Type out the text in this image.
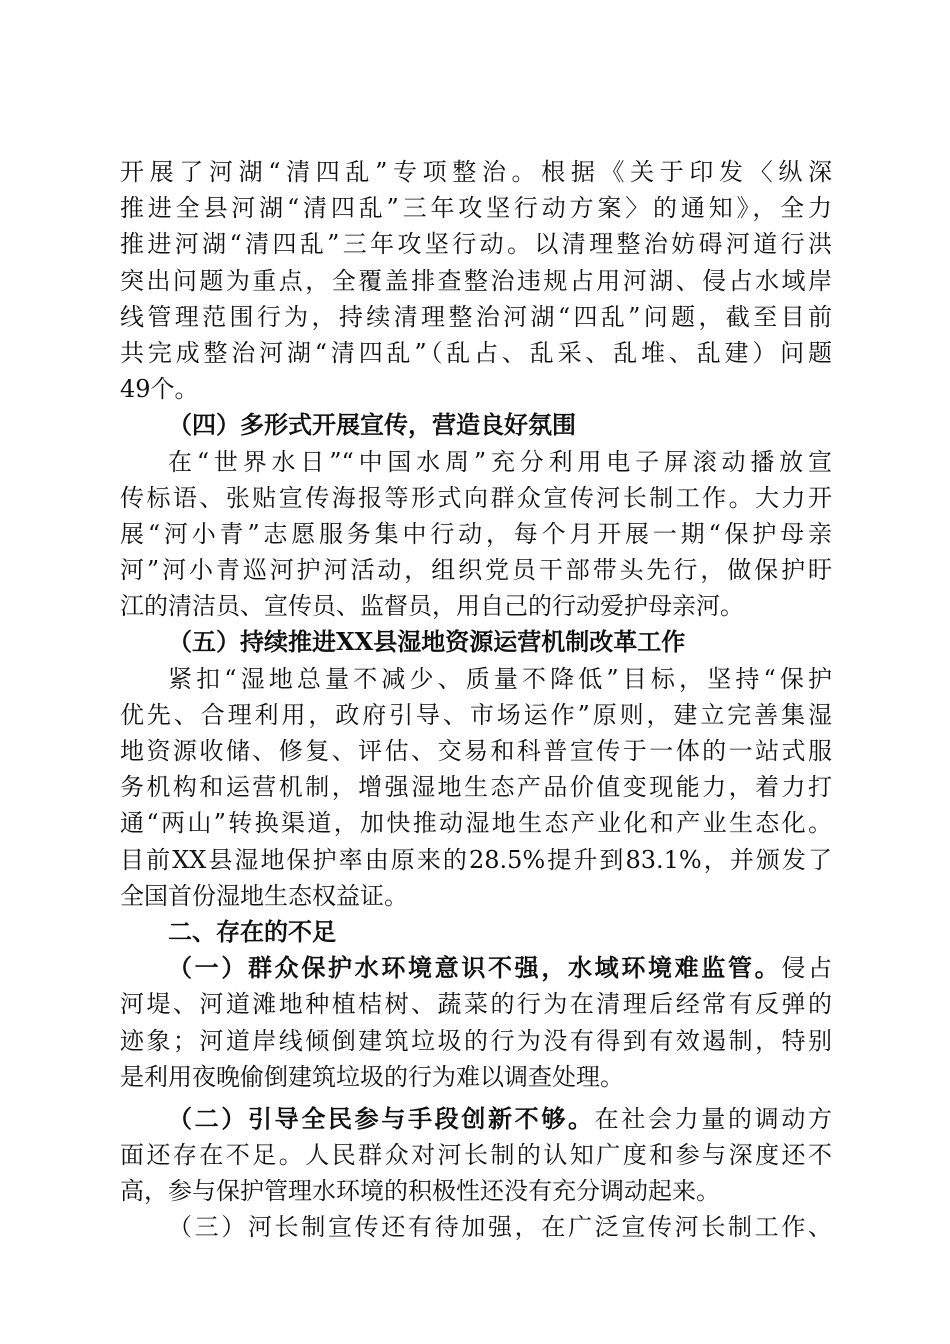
开展了河湖“清四乱”专项整治。根据《关于印发〈纵深
推进全县河湖“清四乱”三年攻坚行动方案〉的通知》，全力
推进河湖“清四乱”三年攻坚行动。以清理整治妨碍河道行洪
突出问题为重点，全覆盖排查整治违规占用河湖、侵占水域岸
线管理范围行为，持续清理整治河湖“四乱”问题，截至目前
共完成整治河湖“清四乱”（乱占、乱采、乱堆、乱建）问题
49个。
（四）多形式开展宣传，营造良好氛围
在“世界水日”“中国水周”充分利用电子屏滚动播放宣
传标语、张贴宣传海报等形式向群众宣传河长制工作。大力开
展“河小青”志愿服务集中行动，每个月开展一期“保护母亲
河”河小青巡河护河活动，组织党员干部带头先行，做保护盱
江的清洁员、宣传员、监督员，用自己的行动爱护母亲河。
（五）持续推进XX县湿地资源运营机制改革工作
紧扣“湿地总量不减少、质量不降低”目标，坚持“保护
优先、合理利用，政府引导、市场运作”原则，建立完善集湿
地资源收储、修复、评估、交易和科普宣传于一体的一站式服
务机构和运营机制，增强湿地生态产品价值变现能力，着力打
通“两山”转换渠道，加快推动湿地生态产业化和产业生态化。
目前XX县湿地保护率由原来的28.5%提升到83.1%，并颁发了
全国首份湿地生态权益证。
二、存在的不足
（一）群众保护水环境意识不强，水域环境难监管。侵占
河堤、河道滩地种植桔树、蔬菜的行为在清理后经常有反弹的
迹象；河道岸线倾倒建筑垃圾的行为没有得到有效遏制，特别
是利用夜晚偷倒建筑垃圾的行为难以调查处理。
（二）引导全民参与手段创新不够。在社会力量的调动方
面还存在不足。人民群众对河长制的认知广度和参与深度还不
高，参与保护管理水环境的积极性还没有充分调动起来。
（三）河长制宣传还有待加强，在广泛宣传河长制工作、
